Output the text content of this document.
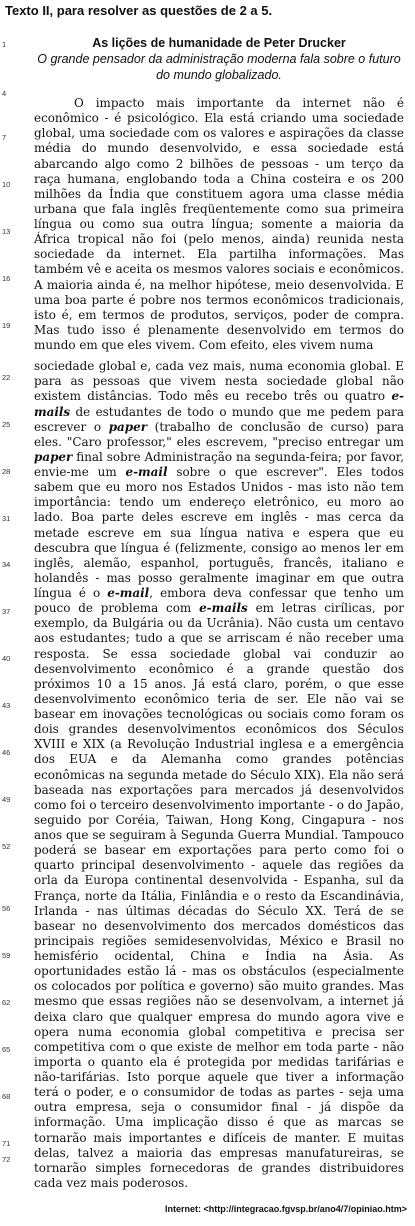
Texto II, para resolver as questões de 2 a 5.
1
4
7
10
13
16
19
22
25
28
31
34
37
40
43
46
49
52
56
59
62
65
68
71
72
As lições de humanidade de Peter Drucker
O grande pensador da administração moderna fala sobre o futuro do mundo globalizado.

O impacto mais importante da internet não é econômico - é psicológico. Ela está criando uma sociedade global, uma sociedade com os valores e aspirações da classe média do mundo desenvolvido, e essa sociedade está abarcando algo como 2 bilhões de pessoas - um terço da raça humana, englobando toda a China costeira e os 200 milhões da Índia que constituem agora uma classe média urbana que fala inglês freqüentemente como sua primeira língua ou como sua outra língua; somente a maioria da África tropical não foi (pelo menos, ainda) reunida nesta sociedade da internet. Ela partilha informações. Mas também vê e aceita os mesmos valores sociais e econômicos. A maioria ainda é, na melhor hipótese, meio desenvolvida. E uma boa parte é pobre nos termos econômicos tradicionais, isto é, em termos de produtos, serviços, poder de compra. Mas tudo isso é plenamente desenvolvido em termos do mundo em que eles vivem. Com efeito, eles vivem numa

sociedade global e, cada vez mais, numa economia global. E para as pessoas que vivem nesta sociedade global não existem distâncias. Todo mês eu recebo três ou quatro e-mails de estudantes de todo o mundo que me pedem para escrever o paper (trabalho de conclusão de curso) para eles. "Caro professor," eles escrevem, "preciso entregar um paper final sobre Administração na segunda-feira; por favor, envie-me um e-mail sobre o que escrever". Eles todos sabem que eu moro nos Estados Unidos - mas isto não tem importância: tendo um endereço eletrônico, eu moro ao lado. Boa parte deles escreve em inglês - mas cerca da metade escreve em sua língua nativa e espera que eu descubra que língua é (felizmente, consigo ao menos ler em inglês, alemão, espanhol, português, francês, italiano e holandês - mas posso geralmente imaginar em que outra língua é o e-mail, embora deva confessar que tenho um pouco de problema com e-mails em letras cirílicas, por exemplo, da Bulgária ou da Ucrânia). Não custa um centavo aos estudantes; tudo a que se arriscam é não receber uma resposta. Se essa sociedade global vai conduzir ao desenvolvimento econômico é a grande questão dos próximos 10 a 15 anos. Já está claro, porém, o que esse desenvolvimento econômico teria de ser. Ele não vai se basear em inovações tecnológicas ou sociais como foram os dois grandes desenvolvimentos econômicos dos Séculos XVIII e XIX (a Revolução Industrial inglesa e a emergência dos EUA e da Alemanha como grandes potências econômicas na segunda metade do Século XIX). Ela não será baseada nas exportações para mercados já desenvolvidos como foi o terceiro desenvolvimento importante - o do Japão, seguido por Coréia, Taiwan, Hong Kong, Cingapura - nos anos que se seguiram à Segunda Guerra Mundial. Tampouco poderá se basear em exportações para perto como foi o quarto principal desenvolvimento - aquele das regiões da orla da Europa continental desenvolvida - Espanha, sul da França, norte da Itália, Finlândia e o resto da Escandinávia, Irlanda - nas últimas décadas do Século XX. Terá de se basear no desenvolvimento dos mercados domésticos das principais regiões semidesenvolvidas, México e Brasil no hemisfério ocidental, China e Índia na Ásia. As oportunidades estão lá - mas os obstáculos (especialmente os colocados por política e governo) são muito grandes. Mas mesmo que essas regiões não se desenvolvam, a internet já deixa claro que qualquer empresa do mundo agora vive e opera numa economia global competitiva e precisa ser competitiva com o que existe de melhor em toda parte - não importa o quanto ela é protegida por medidas tarifárias e não-tarifárias. Isto porque aquele que tiver a informação terá o poder, e o consumidor de todas as partes - seja uma outra empresa, seja o consumidor final - já dispõe da informação. Uma implicação disso é que as marcas se tornarão mais importantes e difíceis de manter. E muitas delas, talvez a maioria das empresas manufatureiras, se tornarão simples fornecedoras de grandes distribuidores cada vez mais poderosos.

Internet: <http://integracao.fgvsp.br/ano4/7/opiniao.htm>
